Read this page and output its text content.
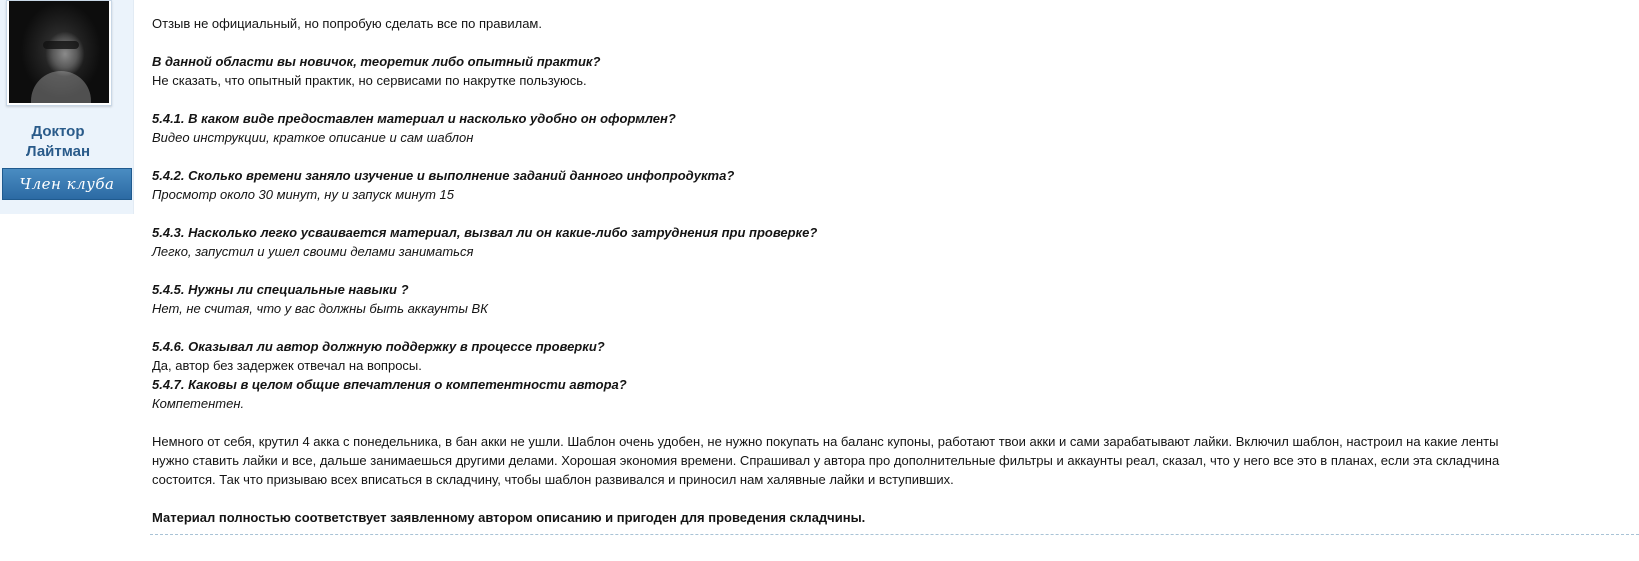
Доктор
Лайтман
Член клуба

Отзыв не официальный, но попробую сделать все по правилам.

В данной области вы новичок, теоретик либо опытный практик?

Не сказать, что опытный практик, но сервисами по накрутке пользуюсь.

5.4.1. В каком виде предоставлен материал и насколько удобно он оформлен?

Видео инструкции, краткое описание и сам шаблон

5.4.2. Сколько времени заняло изучение и выполнение заданий данного инфопродукта?

Просмотр около 30 минут, ну и запуск минут 15

5.4.3. Насколько легко усваивается материал, вызвал ли он какие-либо затруднения при проверке?

Легко, запустил и ушел своими делами заниматься

5.4.5. Нужны ли специальные навыки ?

Нет, не считая, что у вас должны быть аккаунты ВК

5.4.6. Оказывал ли автор должную поддержку в процессе проверки?

Да, автор без задержек отвечал на вопросы.

5.4.7. Каковы в целом общие впечатления о компетентности автора?

Компетентен.

Немного от себя, крутил 4 акка с понедельника, в бан акки не ушли. Шаблон очень удобен, не нужно покупать на баланс купоны, работают твои акки и сами зарабатывают лайки. Включил шаблон, настроил на какие ленты

нужно ставить лайки и все, дальше занимаешься другими делами. Хорошая экономия времени. Спрашивал у автора про дополнительные фильтры и аккаунты реал, сказал, что у него все это в планах, если эта складчина

состоится. Так что призываю всех вписаться в складчину, чтобы шаблон развивался и приносил нам халявные лайки и вступивших.

Материал полностью соответствует заявленному автором описанию и пригоден для проведения складчины.
